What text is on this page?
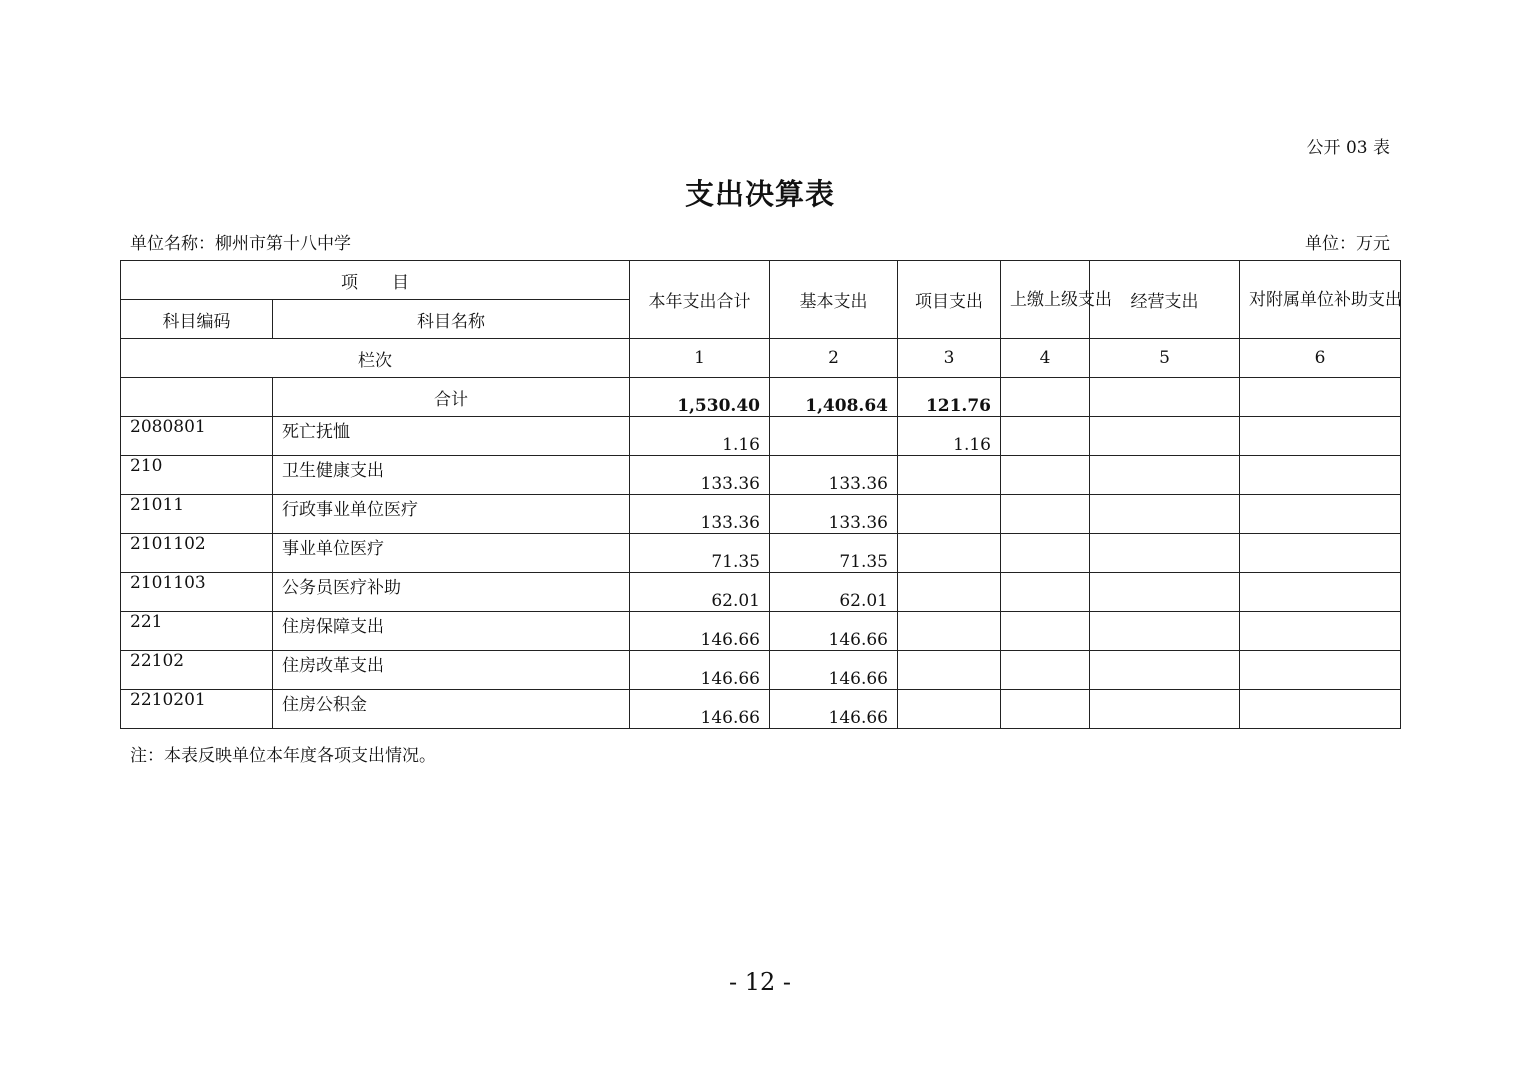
公开 03 表
支出决算表
单位名称：柳州市第十八中学	单位：万元
项　　目		本年支出合计	基本支出	项目支出	上缴上级支出	经营支出	对附属单位补助支出
科目编码	科目名称						
栏次		1	2	3	4	5	6
	合计	1,530.40	1,408.64	121.76			
2080801	死亡抚恤	1.16		1.16			
210	卫生健康支出	133.36	133.36				
21011	行政事业单位医疗	133.36	133.36				
2101102	事业单位医疗	71.35	71.35				
2101103	公务员医疗补助	62.01	62.01				
221	住房保障支出	146.66	146.66				
22102	住房改革支出	146.66	146.66				
2210201	住房公积金	146.66	146.66				
注：本表反映单位本年度各项支出情况。
- 12 -
